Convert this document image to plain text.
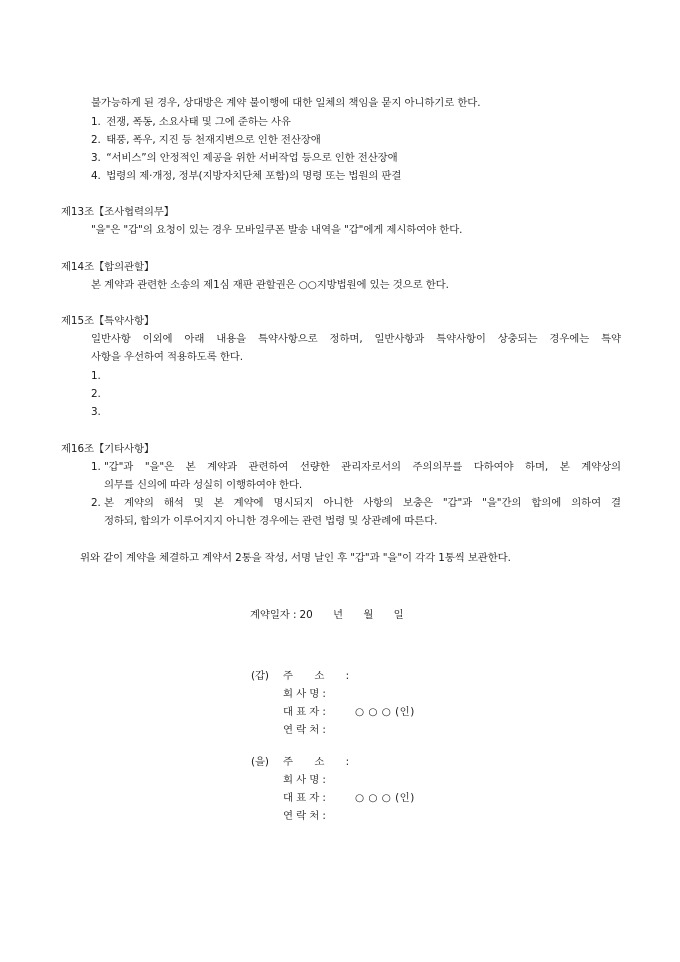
불가능하게 된 경우, 상대방은 계약 불이행에 대한 일체의 책임을 묻지 아니하기로 한다.
1. 전쟁, 폭동, 소요사태 및 그에 준하는 사유
2. 태풍, 폭우, 지진 등 천재지변으로 인한 전산장애
3. “서비스”의 안정적인 제공을 위한 서버작업 등으로 인한 전산장애
4. 법령의 제·개정, 정부(지방자치단체 포함)의 명령 또는 법원의 판결
제13조【조사협력의무】
"을"은 "갑"의 요청이 있는 경우 모바일쿠폰 발송 내역을 "갑"에게 제시하여야 한다.
제14조【합의관할】
본 계약과 관련한 소송의 제1심 재판 관할권은 ○○지방법원에 있는 것으로 한다.
제15조【특약사항】
일반사항 이외에 아래 내용을 특약사항으로 정하며, 일반사항과 특약사항이 상충되는 경우에는 특약
사항을 우선하여 적용하도록 한다.
1.
2.
3.
제16조【기타사항】
1. "갑"과 "을"은 본 계약과 관련하여 선량한 관리자로서의 주의의무를 다하여야 하며, 본 계약상의
의무를 신의에 따라 성실히 이행하여야 한다.
2. 본 계약의 해석 및 본 계약에 명시되지 아니한 사항의 보충은 "갑"과 "을"간의 합의에 의하여 결
정하되, 합의가 이루어지지 아니한 경우에는 관련 법령 및 상관례에 따른다.
위와 같이 계약을 체결하고 계약서 2통을 작성, 서명 날인 후 "갑"과 "을"이 각각 1통씩 보관한다.
계약일자 : 20 년 월 일
(갑) 주 소 :
회 사 명 :
대 표 자 :	○ ○ ○ (인)
연 락 처 :
(을) 주 소 :
회 사 명 :
대 표 자 :	○ ○ ○ (인)
연 락 처 :
